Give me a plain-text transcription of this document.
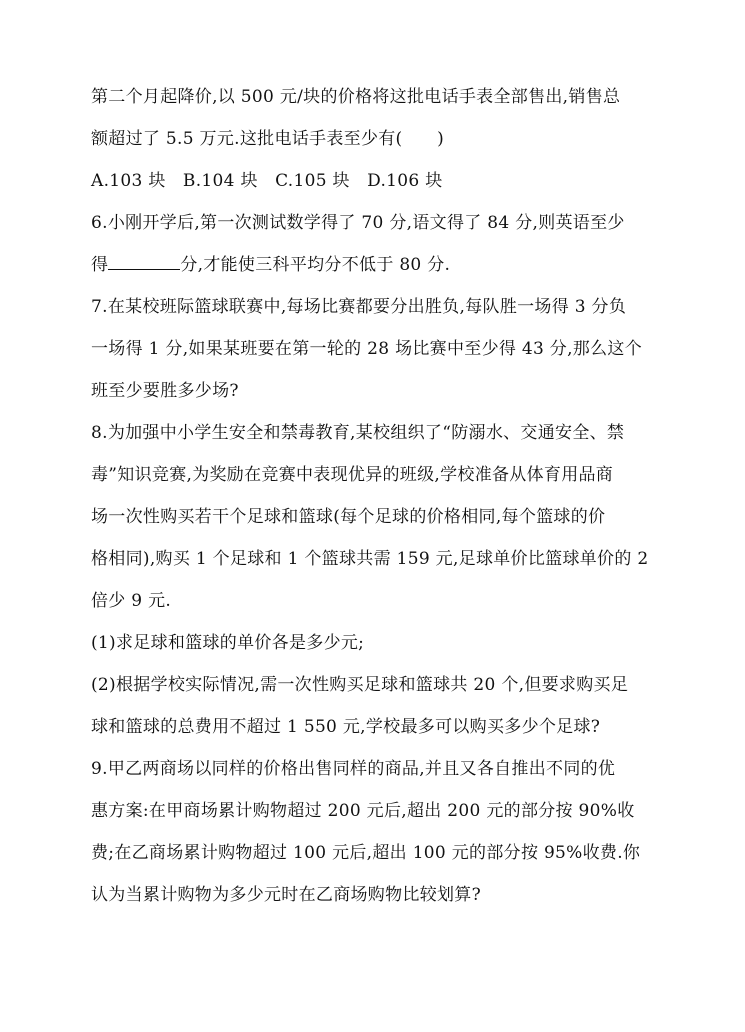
第二个月起降价,以 500 元/块的价格将这批电话手表全部售出,销售总
额超过了 5.5 万元.这批电话手表至少有(　　)
A.103 块　B.104 块　C.105 块　D.106 块
6.小刚开学后,第一次测试数学得了 70 分,语文得了 84 分,则英语至少
得	分,才能使三科平均分不低于 80 分.
7.在某校班际篮球联赛中,每场比赛都要分出胜负,每队胜一场得 3 分负
一场得 1 分,如果某班要在第一轮的 28 场比赛中至少得 43 分,那么这个
班至少要胜多少场?
8.为加强中小学生安全和禁毒教育,某校组织了“防溺水、交通安全、禁
毒”知识竞赛,为奖励在竞赛中表现优异的班级,学校准备从体育用品商
场一次性购买若干个足球和篮球(每个足球的价格相同,每个篮球的价
格相同),购买 1 个足球和 1 个篮球共需 159 元,足球单价比篮球单价的 2
倍少 9 元.
(1)求足球和篮球的单价各是多少元;
(2)根据学校实际情况,需一次性购买足球和篮球共 20 个,但要求购买足
球和篮球的总费用不超过 1 550 元,学校最多可以购买多少个足球?
9.甲乙两商场以同样的价格出售同样的商品,并且又各自推出不同的优
惠方案:在甲商场累计购物超过 200 元后,超出 200 元的部分按 90%收
费;在乙商场累计购物超过 100 元后,超出 100 元的部分按 95%收费.你
认为当累计购物为多少元时在乙商场购物比较划算?
